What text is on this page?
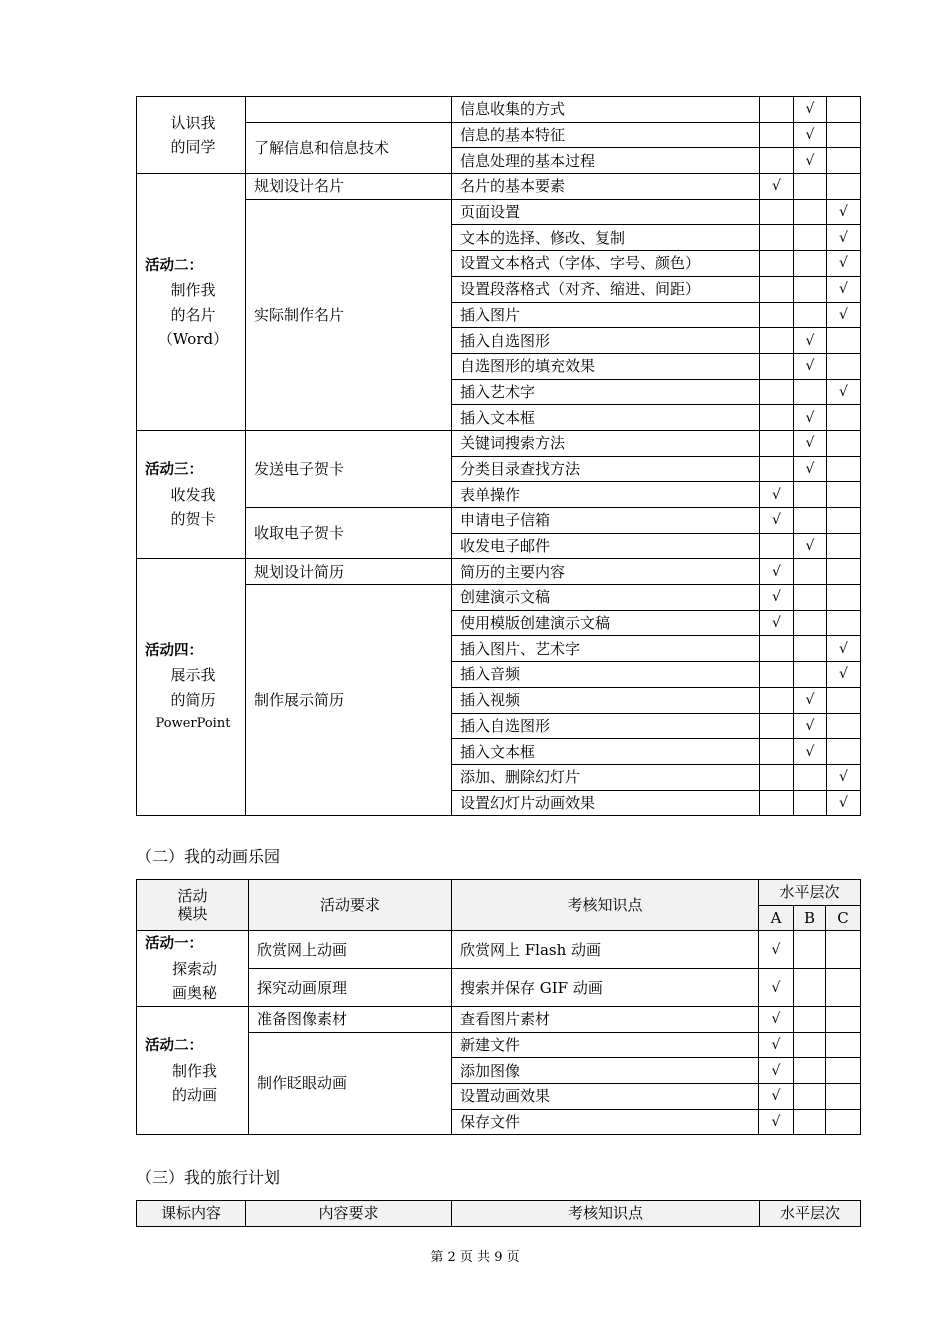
认识我
的同学		信息收集的方式		√	
	了解信息和信息技术	信息的基本特征		√	
		信息处理的基本过程		√	
活动二：
制作我
的名片
（Word）	规划设计名片	名片的基本要素	√		
	实际制作名片	页面设置			√
		文本的选择、修改、复制			√
		设置文本格式（字体、字号、颜色）			√
		设置段落格式（对齐、缩进、间距）			√
		插入图片			√
		插入自选图形		√	
		自选图形的填充效果		√	
		插入艺术字			√
		插入文本框		√	
活动三：
收发我
的贺卡	发送电子贺卡	关键词搜索方法		√	
		分类目录查找方法		√	
		表单操作	√		
	收取电子贺卡	申请电子信箱	√		
		收发电子邮件		√	
活动四：
展示我
的简历
PowerPoint	规划设计简历	简历的主要内容	√		
	制作展示简历	创建演示文稿	√		
		使用模版创建演示文稿	√		
		插入图片、艺术字			√
		插入音频			√
		插入视频		√	
		插入自选图形		√	
		插入文本框		√	
		添加、删除幻灯片			√
		设置幻灯片动画效果			√
（二）我的动画乐园
活动
模块	活动要求	考核知识点	水平层次		
			A	B	C
活动一：
探索动
画奥秘	欣赏网上动画	欣赏网上 Flash 动画	√		
	探究动画原理	搜索并保存 GIF 动画	√		
活动二：
制作我
的动画	准备图像素材	查看图片素材	√		
	制作眨眼动画	新建文件	√		
		添加图像	√		
		设置动画效果	√		
		保存文件	√		
（三）我的旅行计划
课标内容	内容要求	考核知识点	水平层次
第 2 页 共 9 页
